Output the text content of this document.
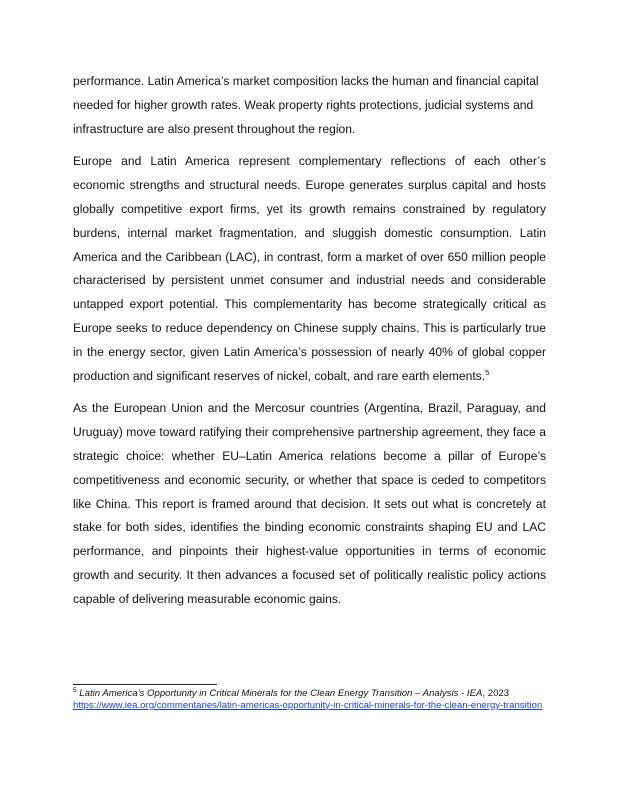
performance. Latin America’s market composition lacks the human and financial capital needed for higher growth rates. Weak property rights protections, judicial systems and infrastructure are also present throughout the region.

Europe and Latin America represent complementary reflections of each other’s economic strengths and structural needs. Europe generates surplus capital and hosts globally competitive export firms, yet its growth remains constrained by regulatory burdens, internal market fragmentation, and sluggish domestic consumption. Latin America and the Caribbean (LAC), in contrast, form a market of over 650 million people characterised by persistent unmet consumer and industrial needs and considerable untapped export potential. This complementarity has become strategically critical as Europe seeks to reduce dependency on Chinese supply chains. This is particularly true in the energy sector, given Latin America’s possession of nearly 40% of global copper production and significant reserves of nickel, cobalt, and rare earth elements.$^5$

As the European Union and the Mercosur countries (Argentina, Brazil, Paraguay, and Uruguay) move toward ratifying their comprehensive partnership agreement, they face a strategic choice: whether EU–Latin America relations become a pillar of Europe’s competitiveness and economic security, or whether that space is ceded to competitors like China. This report is framed around that decision. It sets out what is concretely at stake for both sides, identifies the binding economic constraints shaping EU and LAC performance, and pinpoints their highest-value opportunities in terms of economic growth and security. It then advances a focused set of politically realistic policy actions capable of delivering measurable economic gains.

$^5$ Latin America’s Opportunity in Critical Minerals for the Clean Energy Transition – Analysis - IEA, 2023
https://www.iea.org/commentaries/latin-americas-opportunity-in-critical-minerals-for-the-clean-energy-transition
